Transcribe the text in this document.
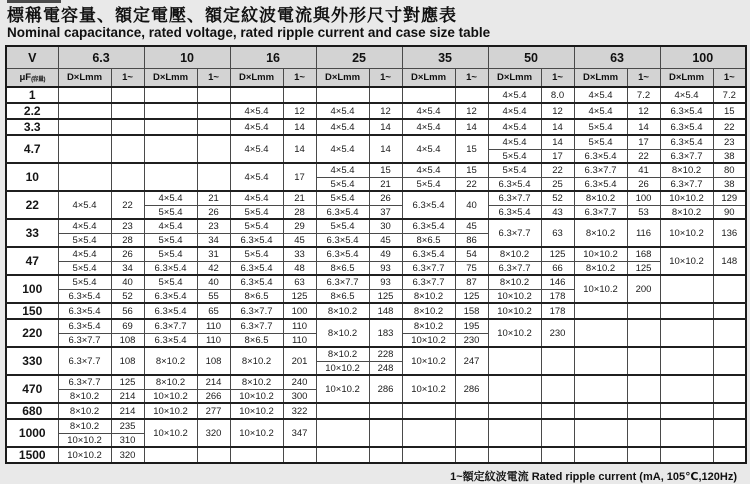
標稱電容量、額定電壓、額定紋波電流與外形尺寸對應表
Nominal capacitance, rated voltage, rated ripple current and case size table
V	6.3		10		16		25		35		50		63		100	
μF(容量)	D×Lmm	1~	D×Lmm	1~	D×Lmm	1~	D×Lmm	1~	D×Lmm	1~	D×Lmm	1~	D×Lmm	1~	D×Lmm	1~
1											4×5.4	8.0	4×5.4	7.2	4×5.4	7.2
2.2					4×5.4	12	4×5.4	12	4×5.4	12	4×5.4	12	4×5.4	12	6.3×5.4	15
3.3					4×5.4	14	4×5.4	14	4×5.4	14	4×5.4	14	5×5.4	14	6.3×5.4	22
4.7					4×5.4	14	4×5.4	14	4×5.4	15	4×5.4	14	5×5.4	17	6.3×5.4	23
											5×5.4	17	6.3×5.4	22	6.3×7.7	38
10					4×5.4	17	4×5.4	15	4×5.4	15	5×5.4	22	6.3×7.7	41	8×10.2	80
							5×5.4	21	5×5.4	22	6.3×5.4	25	6.3×5.4	26	6.3×7.7	38
22	4×5.4	22	4×5.4	21	4×5.4	21	5×5.4	26	6.3×5.4	40	6.3×7.7	52	8×10.2	100	10×10.2	129
			5×5.4	26	5×5.4	28	6.3×5.4	37			6.3×5.4	43	6.3×7.7	53	8×10.2	90
33	4×5.4	23	4×5.4	23	5×5.4	29	5×5.4	30	6.3×5.4	45	6.3×7.7	63	8×10.2	116	10×10.2	136
	5×5.4	28	5×5.4	34	6.3×5.4	45	6.3×5.4	45	8×6.5	86						
47	4×5.4	26	5×5.4	31	5×5.4	33	6.3×5.4	49	6.3×5.4	54	8×10.2	125	10×10.2	168	10×10.2	148
	5×5.4	34	6.3×5.4	42	6.3×5.4	48	8×6.5	93	6.3×7.7	75	6.3×7.7	66	8×10.2	125		
100	5×5.4	40	5×5.4	40	6.3×5.4	63	6.3×7.7	93	6.3×7.7	87	8×10.2	146	10×10.2	200		
	6.3×5.4	52	6.3×5.4	55	8×6.5	125	8×6.5	125	8×10.2	125	10×10.2	178				
150	6.3×5.4	56	6.3×5.4	65	6.3×7.7	100	8×10.2	148	8×10.2	158	10×10.2	178				
220	6.3×5.4	69	6.3×7.7	110	6.3×7.7	110	8×10.2	183	8×10.2	195	10×10.2	230				
	6.3×7.7	108	6.3×5.4	110	8×6.5	110			10×10.2	230						
330	6.3×7.7	108	8×10.2	108	8×10.2	201	8×10.2	228	10×10.2	247						
							10×10.2	248								
470	6.3×7.7	125	8×10.2	214	8×10.2	240	10×10.2	286	10×10.2	286						
	8×10.2	214	10×10.2	266	10×10.2	300										
680	8×10.2	214	10×10.2	277	10×10.2	322										
1000	8×10.2	235	10×10.2	320	10×10.2	347										
	10×10.2	310														
1500	10×10.2	320														
1~額定紋波電流 Rated ripple current (mA, 105℃,120Hz)
